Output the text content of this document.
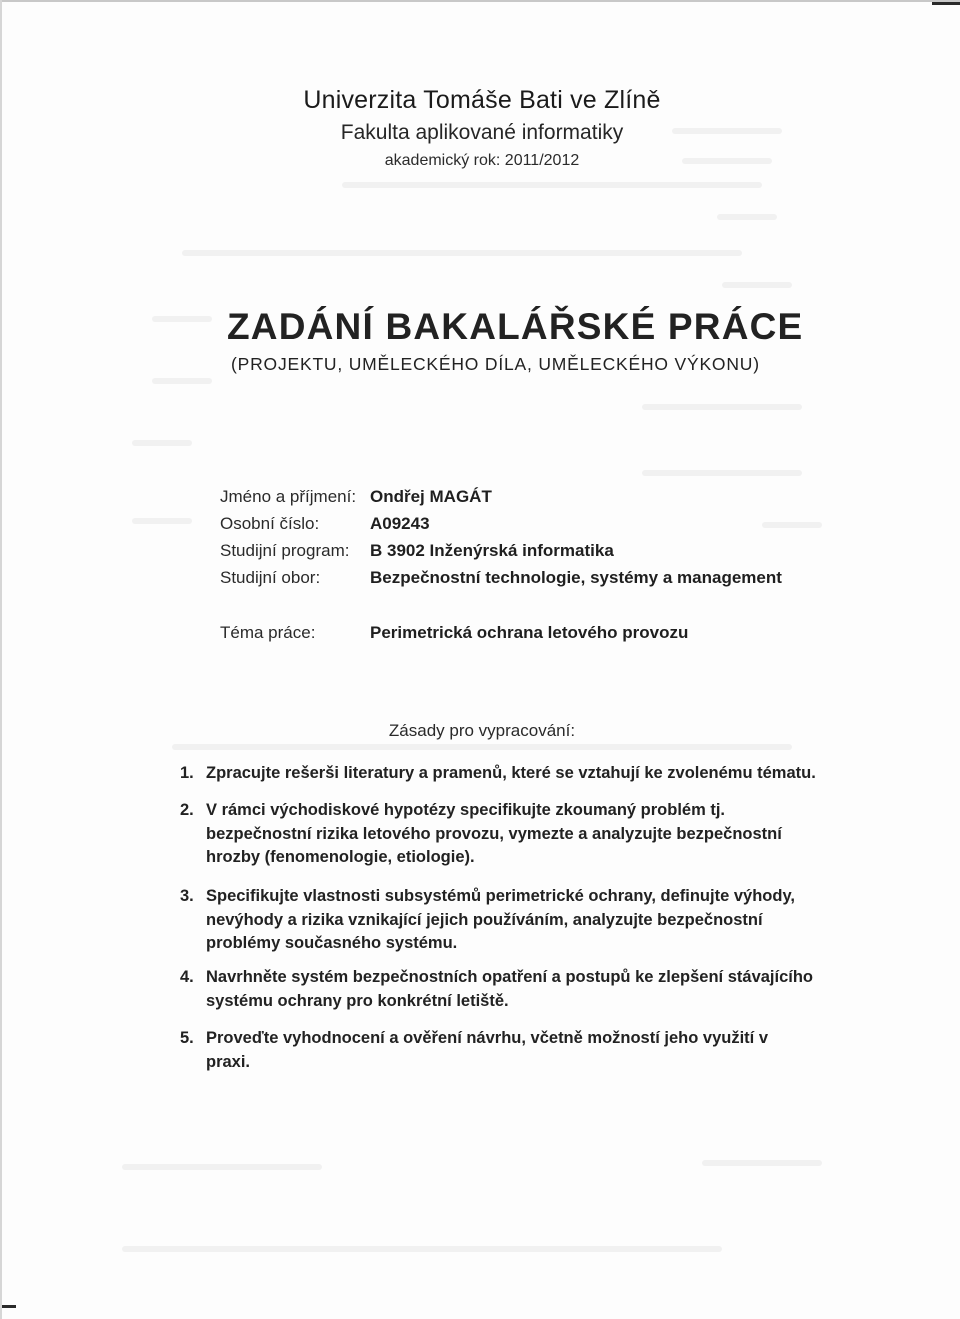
Univerzita Tomáše Bati ve Zlíně
Fakulta aplikované informatiky
akademický rok: 2011/2012
ZADÁNÍ BAKALÁŘSKÉ PRÁCE
(PROJEKTU, UMĚLECKÉHO DÍLA, UMĚLECKÉHO VÝKONU)
Jméno a příjmení: Ondřej MAGÁT
Osobní číslo:	A09243
Studijní program:	B 3902 Inženýrská informatika
Studijní obor:	Bezpečnostní technologie, systémy a management
Téma práce:	Perimetrická ochrana letového provozu
Zásady pro vypracování:
1. Zpracujte rešerši literatury a pramenů, které se vztahují ke zvolenému tématu.
2. V rámci východiskové hypotézy specifikujte zkoumaný problém tj. bezpečnostní rizika letového provozu, vymezte a analyzujte bezpečnostní hrozby (fenomenologie, etiologie).
3. Specifikujte vlastnosti subsystémů perimetrické ochrany, definujte výhody, nevýhody a rizika vznikající jejich používáním, analyzujte bezpečnostní problémy současného systému.
4. Navrhněte systém bezpečnostních opatření a postupů ke zlepšení stávajícího systému ochrany pro konkrétní letiště.
5. Proveďte vyhodnocení a ověření návrhu, včetně možností jeho využití v praxi.
